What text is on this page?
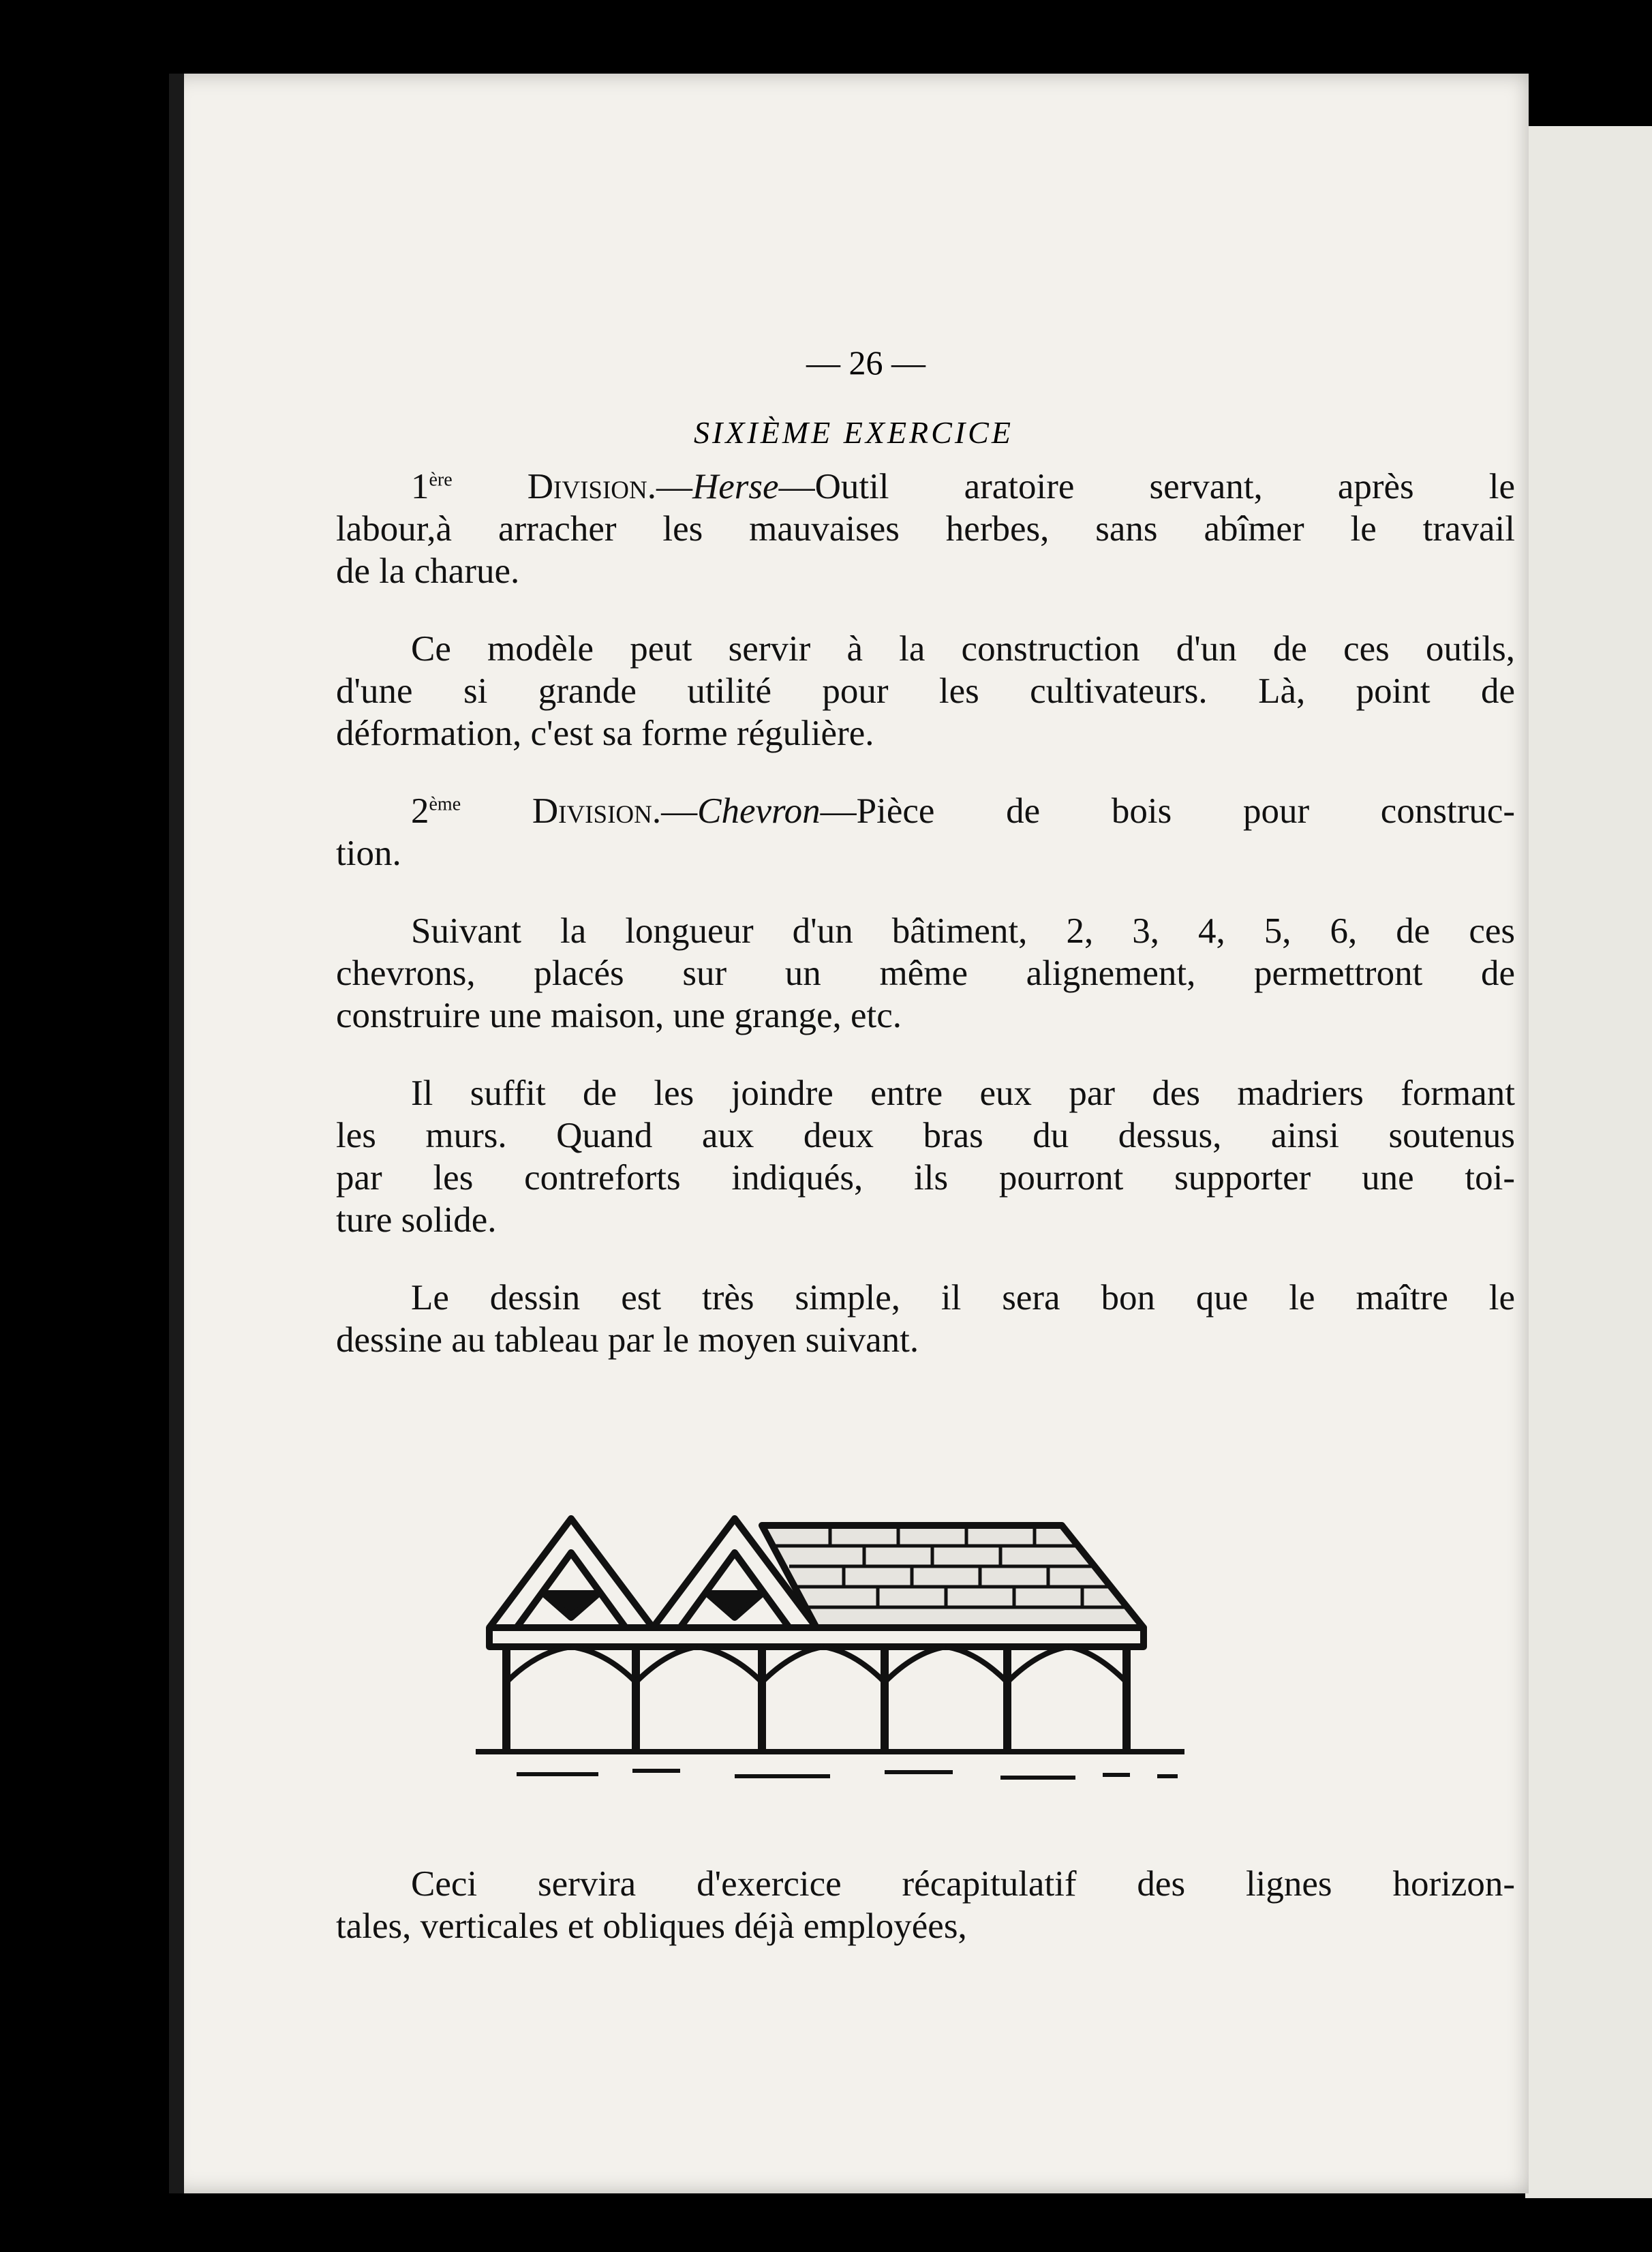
— 26 —
SIXIÈME EXERCICE
1ère Division.—Herse—Outil aratoire servant, après le
labour,à arracher les mauvaises herbes, sans abîmer le travail
de la charue.
Ce modèle peut servir à la construction d'un de ces outils,
d'une si grande utilité pour les cultivateurs. Là, point de
déformation, c'est sa forme régulière.
2ème Division.—Chevron—Pièce de bois pour construc-
tion.
Suivant la longueur d'un bâtiment, 2, 3, 4, 5, 6, de ces
chevrons, placés sur un même alignement, permettront de
construire une maison, une grange, etc.
Il suffit de les joindre entre eux par des madriers formant
les murs. Quand aux deux bras du dessus, ainsi soutenus
par les contreforts indiqués, ils pourront supporter une toi-
ture solide.
Le dessin est très simple, il sera bon que le maître le
dessine au tableau par le moyen suivant.
Ceci servira d'exercice récapitulatif des lignes horizon-
tales, verticales et obliques déjà employées,
